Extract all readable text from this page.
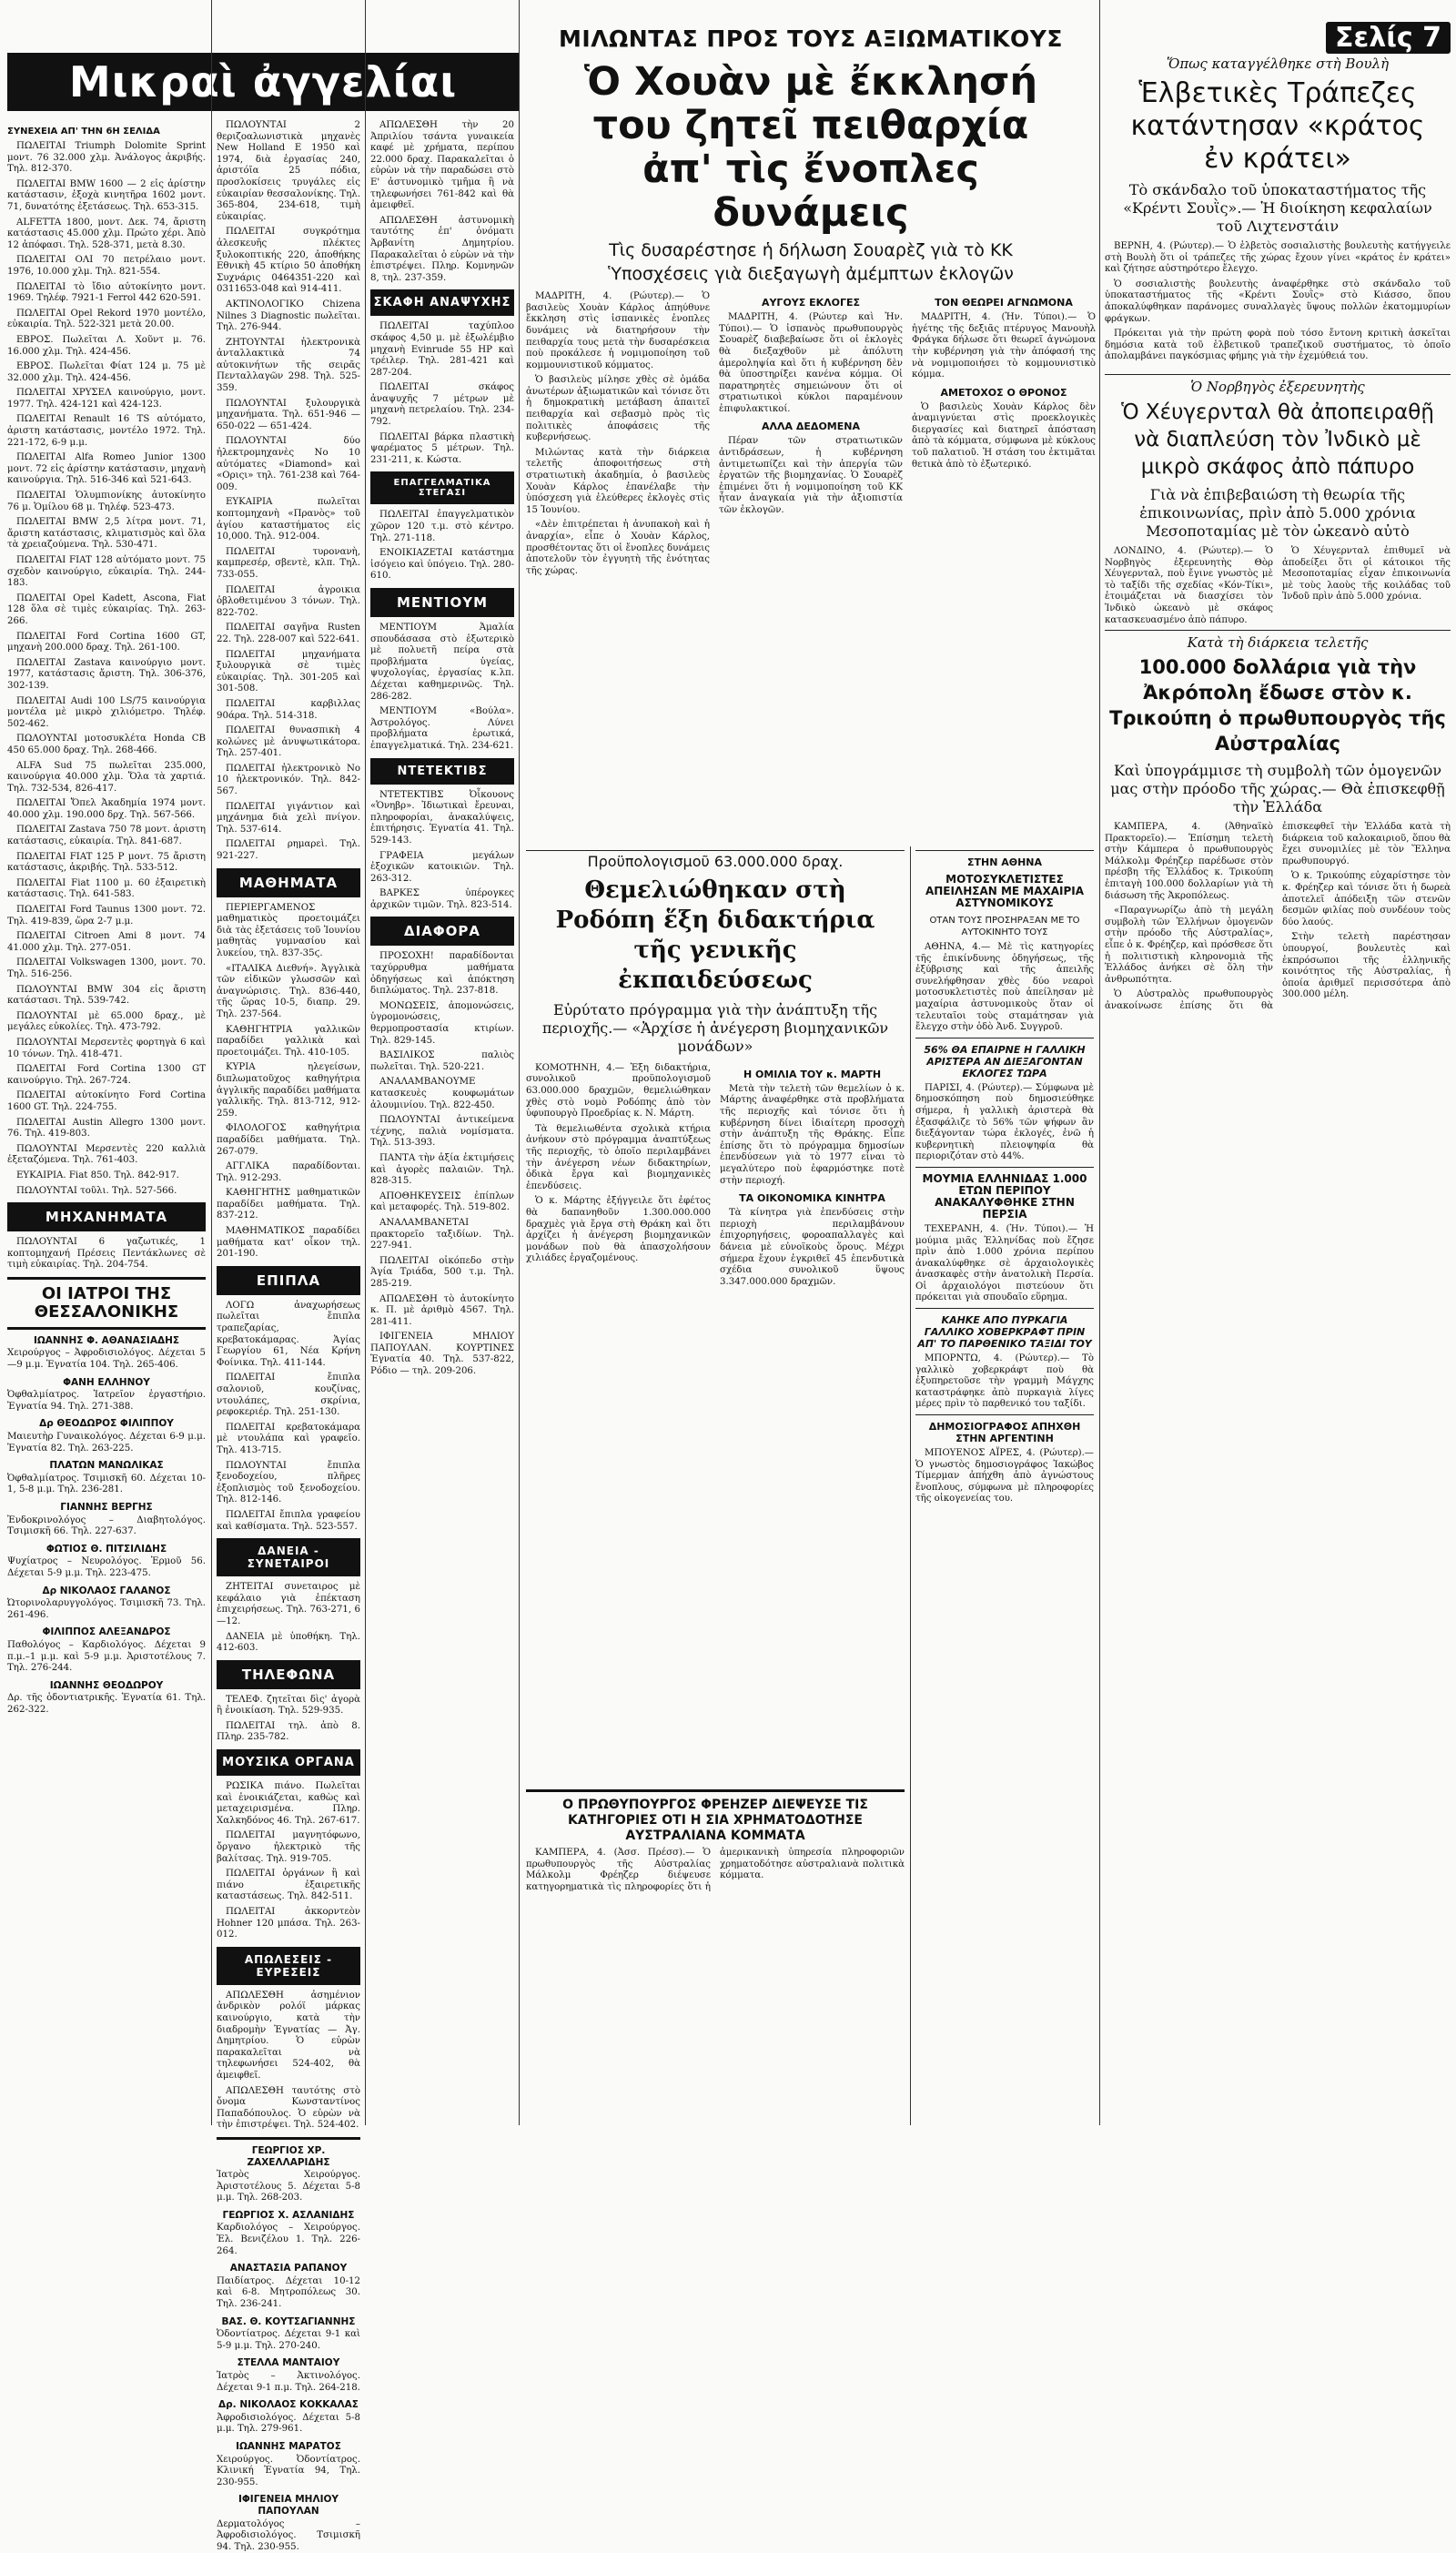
Μικραὶ ἀγγελίαι
ΣΥΝΕΧΕΙΑ ΑΠ' ΤΗΝ 6Η ΣΕΛΙΔΑ

ΠΩΛΕΙΤΑΙ Triumph Dolomite Sprint μοντ. 76 32.000 χλμ. Ἀνάλογος ἀκριβής. Τηλ. 812-370.

ΠΩΛΕΙΤΑΙ BMW 1600 — 2 εἰς ἀρίστην κατάστασιν, ἐξοχὰ κινητῆρα 1602 μοντ. 71, δυνατότης ἐξετάσεως. Τηλ. 653-315.

ALFETTA 1800, μοντ. Δεκ. 74, ἄριστη κατάστασις 45.000 χλμ. Πρώτο χέρι. Ἀπὸ 12 ἀπόφασι. Τηλ. 528-371, μετὰ 8.30.

ΠΩΛΕΙΤΑΙ ΟΛΙ 70 πετρέλαιο μοντ. 1976, 10.000 χλμ. Τηλ. 821-554.

ΠΩΛΕΙΤΑΙ τὸ ἴδιο αὐτοκίνητο μοντ. 1969. Τηλέφ. 7921-1 Ferrol 442 620-591.

ΠΩΛΕΙΤΑΙ Opel Rekord 1970 μοντέλο, εὐκαιρία. Τηλ. 522-321 μετὰ 20.00.

ΕΒΡΟΣ. Πωλεῖται Λ. Χοῦντ μ. 76. 16.000 χλμ. Τηλ. 424-456.

ΕΒΡΟΣ. Πωλεῖται Φίατ 124 μ. 75 μὲ 32.000 χλμ. Τηλ. 424-456.

ΠΩΛΕΙΤΑΙ ΧΡΥΣΕΛ καινούργιο, μοντ. 1977. Τηλ. 424-121 καὶ 424-123.

ΠΩΛΕΙΤΑΙ Renault 16 TS αὐτόματο, ἀριστη κατάστασις, μοντέλο 1972. Τηλ. 221-172, 6-9 μ.μ.

ΠΩΛΕΙΤΑΙ Alfa Romeo Junior 1300 μοντ. 72 εἰς ἀρίστην κατάστασιν, μηχανὴ καινούργια. Τηλ. 516-346 καὶ 521-643.

ΠΩΛΕΙΤΑΙ Ὁλυμπιονίκης ἀυτοκίνητο 76 μ. Ὁμίλου 68 μ. Τηλέφ. 523-473.

ΠΩΛΕΙΤΑΙ BMW 2,5 λίτρα μοντ. 71, ἄριστη κατάστασις, κλιματισμὸς καὶ ὅλα τὰ χρειαζούμενα. Τηλ. 530-471.

ΠΩΛΕΙΤΑΙ FIAT 128 αὐτόματο μοντ. 75 σχεδὸν καινούργιο, εὐκαιρία. Τηλ. 244-183.

ΠΩΛΕΙΤΑΙ Opel Kadett, Ascona, Fiat 128 ὅλα σὲ τιμὲς εὐκαιρίας. Τηλ. 263-266.

ΠΩΛΕΙΤΑΙ Ford Cortina 1600 GT, μηχανὴ 200.000 δραχ. Τηλ. 261-100.

ΠΩΛΕΙΤΑΙ Zastava καινούργιο μοντ. 1977, κατάστασις ἄριστη. Τηλ. 306-376, 302-139.

ΠΩΛΕΙΤΑΙ Audi 100 LS/75 καινούργια μοντέλα μὲ μικρὸ χιλιόμετρο. Τηλέφ. 502-462.

ΠΩΛΟΥΝΤΑΙ μοτοσυκλέτα Honda CB 450 65.000 δραχ. Τηλ. 268-466.

ALFA Sud 75 πωλεῖται 235.000, καινούργια 40.000 χλμ. Ὅλα τὰ χαρτιά. Τηλ. 732-534, 826-417.

ΠΩΛΕΙΤΑΙ Ὄπελ Ἀκαδημία 1974 μοντ. 40.000 χλμ. 190.000 δρχ. Τηλ. 567-566.

ΠΩΛΕΙΤΑΙ Zastava 750 78 μοντ. ἀριστη κατάστασις, εὐκαιρία. Τηλ. 841-687.

ΠΩΛΕΙΤΑΙ FIAT 125 P μοντ. 75 ἄριστη κατάστασις, ἀκριβής. Τηλ. 533-512.

ΠΩΛΕΙΤΑΙ Fiat 1100 μ. 60 ἐξαιρετικὴ κατάστασις. Τηλ. 641-583.

ΠΩΛΕΙΤΑΙ Ford Taunus 1300 μοντ. 72. Τηλ. 419-839, ὥρα 2-7 μ.μ.

ΠΩΛΕΙΤΑΙ Citroen Ami 8 μοντ. 74 41.000 χλμ. Τηλ. 277-051.

ΠΩΛΕΙΤΑΙ Volkswagen 1300, μοντ. 70. Τηλ. 516-256.

ΠΩΛΟΥΝΤΑΙ ΒΜW 304 εἰς ἄριστη κατάστασι. Τηλ. 539-742.

ΠΩΛΟΥΝΤΑΙ μὲ 65.000 δραχ., μὲ μεγάλες εὐκολίες. Τηλ. 473-792.

ΠΩΛΟΥΝΤΑΙ Μερσεντὲς φορτηγὰ 6 καὶ 10 τόνων. Τηλ. 418-471.

ΠΩΛΕΙΤΑΙ Ford Cortina 1300 GT καινούργιο. Τηλ. 267-724.

ΠΩΛΕΙΤΑΙ αὐτοκίνητο Ford Cortina 1600 GT. Τηλ. 224-755.

ΠΩΛΕΙΤΑΙ Austin Allegro 1300 μοντ. 76. Τηλ. 419-803.

ΠΩΛΟΥΝΤΑΙ Μερσεντὲς 220 καλλιὰ ἐξεταζόμενα. Τηλ. 761-403.

ΕΥΚΑΙΡΙΑ. Fiat 850. Τηλ. 842-917.

ΠΩΛΟΥΝΤΑΙ τοῦλι. Τηλ. 527-566.

ΜΗΧΑΝΗΜΑΤΑ

ΠΩΛΟΥΝΤΑΙ 6 γαζωτικές, 1 κοπτομηχανή Πρέσεις Πεντάκλωνες σὲ τιμὴ εὐκαιρίας. Τηλ. 204-754.

ΟΙ ΙΑΤΡΟΙ ΤΗΣ ΘΕΣΣΑΛΟΝΙΚΗΣ

ΙΩΑΝΝΗΣ Φ. ΑΘΑΝΑΣΙΑΔΗΣ

Χειρούργος – Ἀφροδισιολόγος. Δέχεται 5—9 μ.μ. Ἐγνατία 104. Τηλ. 265-406.

ΦΑΝΗ ΕΛΛΗΝΟΥ

Ὀφθαλμίατρος. Ἰατρεῖον ἐργαστήριο. Ἐγνατία 94. Τηλ. 271-388.

Δρ ΘΕΟΔΩΡΟΣ ΦΙΛΙΠΠΟΥ

Μαιευτὴρ Γυναικολόγος. Δέχεται 6-9 μ.μ. Ἐγνατία 82. Τηλ. 263-225.

ΠΛΑΤΩΝ ΜΑΝΩΛΙΚΑΣ

Ὀφθαλμίατρος. Τσιμισκῆ 60. Δέχεται 10-1, 5-8 μ.μ. Τηλ. 236-281.

ΓΙΑΝΝΗΣ ΒΕΡΓΗΣ

Ἐνδοκρινολόγος – Διαβητολόγος. Τσιμισκῆ 66. Τηλ. 227-637.

ΦΩΤΙΟΣ Θ. ΠΙΤΣΙΛΙΔΗΣ

Ψυχίατρος – Νευρολόγος. Ἐρμοῦ 56. Δέχεται 5-9 μ.μ. Τηλ. 223-475.

Δρ ΝΙΚΟΛΑΟΣ ΓΑΛΑΝΟΣ

Ὠτορινολαρυγγολόγος. Τσιμισκῆ 73. Τηλ. 261-496.

ΦΙΛΙΠΠΟΣ ΑΛΕΞΑΝΔΡΟΣ

Παθολόγος – Καρδιολόγος. Δέχεται 9 π.μ.–1 μ.μ. καὶ 5-9 μ.μ. Ἀριστοτέλους 7. Τηλ. 276-244.

ΙΩΑΝΝΗΣ ΘΕΟΔΩΡΟΥ

Δρ. τῆς ὁδοντιατρικῆς. Ἐγνατία 61. Τηλ. 262-322.

ΠΩΛΟΥΝΤΑΙ 2 θεριζοαλωνιστικὰ μηχανὲς New Holland Ε 1950 καὶ 1974, διὰ ἐργασίας 240, ἀριστόῖα 25 πόδια, προσλοκίσεις τρυγάλες εἰς εὐκαιρίαν θεσσαλονίκης. Τηλ. 365-804, 234-618, τιμὴ εὐκαιρίας.

ΠΩΛΕΙΤΑΙ συγκρότημα ἀλεσκευῆς πλέκτες ξυλοκοπτικής 220, ἀποθήκης Εθνικὴ 45 κτίριο 50 ἀποθήκη Συχνάρις 0464351-220 καὶ 0311653-048 καὶ 914-411.

ΑΚΤΙΝΟΛΟΓΙΚΟ Chizena Nilnes 3 Diagnostic πωλεῖται. Τηλ. 276-944.

ΖΗΤΟΥΝΤΑΙ ἠλεκτρονικὰ ἀνταλλακτικὰ 74 αὐτοκινήτων τῆς σειρᾶς Πενταλλαγῶν 298. Τηλ. 525-359.

ΠΩΛΟΥΝΤΑΙ ξυλουργικὰ μηχανήματα. Τηλ. 651-946 — 650-022 — 651-424.

ΠΩΛΟΥΝΤΑΙ δύο ἠλεκτρομηχανὲς Νο 10 αὐτόματες «Diamond» καὶ «Οριςι» τηλ. 761-238 καὶ 764-009.

ΕΥΚΑΙΡΙΑ πωλεῖται κοπτομηχανὴ «Πρανὸς» τοῦ ἀγίου καταστήματος εἰς 10,000. Τηλ. 912-004.

ΠΩΛΕΙΤΑΙ τυρονανὴ, καμπρεσέρ, σβεντὲ, κλπ. Τηλ. 733-055.

ΠΩΛΕΙΤΑΙ ἀγροικια ὀβλοθετιμένου 3 τόνων. Τηλ. 822-702.

ΠΩΛΕΙΤΑΙ σαγῆνα Rusten 22. Τηλ. 228-007 καὶ 522-641.

ΠΩΛΕΙΤΑΙ μηχανήματα ξυλουργικὰ σὲ τιμὲς εὐκαιρίας. Τηλ. 301-205 καὶ 301-508.

ΠΩΛΕΙΤΑΙ καρβιλλας 90άρα. Τηλ. 514-318.

ΠΩΛΕΙΤΑΙ θυνασπικὴ 4 κολώνες μὲ ἀνυψωτικάτορα. Τηλ. 257-401.

ΠΩΛΕΙΤΑΙ ἠλεκτρονικὸ Νο 10 ἠλεκτρονικόν. Τηλ. 842-567.

ΠΩΛΕΙΤΑΙ γιγάντιον καὶ μηχάνημα διὰ χελὶ πνίγον. Τηλ. 537-614.

ΠΩΛΕΙΤΑΙ ρημαρεὶ. Τηλ. 921-227.

ΜΑΘΗΜΑΤΑ

ΠΕΡΙΕΡΓΑΜΕΝΟΣ μαθηματικὸς προετοιμάζει διὰ τὰς ἐξετάσεις τοῦ Ἰουνίου μαθητὰς γυμνασίου καὶ λυκείου, τηλ. 837-35ϛ.

«ΙΤΑΛΙΚΑ Διεθνή». Ἀγγλικὰ τῶν εἰδικῶν γλωσσῶν καὶ ἀναγνώρισις. Τηλ. 836-440, τῆς ὥρας 10-5, διαπρ. 29. Τηλ. 237-564.

ΚΑΘΗΓΗΤΡΙΑ γαλλικῶν παραδίδει γαλλικὰ καὶ προετοιμάζει. Τηλ. 410-105.

ΚΥΡΙΑ ηλεγείσων, διπλωματοῦχος καθηγήτρια ἀγγλικῆς παραδίδει μαθήματα γαλλικῆς. Τηλ. 813-712, 912-259.

ΦΙΛΟΛΟΓΟΣ καθηγήτρια παραδίδει μαθήματα. Τηλ. 267-079.

ΑΓΓΛΙΚΑ παραδίδονται. Τηλ. 912-293.

ΚΑΘΗΓΗΤΗΣ μαθηματικῶν παραδίδει μαθήματα. Τηλ. 837-212.

ΜΑΘΗΜΑΤΙΚΟΣ παραδίδει μαθήματα κατ' οἶκον τηλ. 201-190.

ΕΠΙΠΛΑ

ΛΟΓΩ ἀναχωρήσεως πωλεῖται ἔπιπλα τραπεζαρίας, κρεβατοκάμαρας. Ἁγίας Γεωργίου 61, Νέα Κρήνη Φοίνικα. Τηλ. 411-144.

ΠΩΛΕΙΤΑΙ ἔπιπλα σαλονιοῦ, κουζίνας, ντουλάπες, σκρίνια, ρεφοκεριέρ. Τηλ. 251-130.

ΠΩΛΕΙΤΑΙ κρεβατοκάμαρα μὲ ντουλάπα καὶ γραφεῖο. Τηλ. 413-715.

ΠΩΛΟΥΝΤΑΙ ἔπιπλα ξενοδοχείου, πλῆρες ἐξοπλισμὸς τοῦ ξενοδοχείου. Τηλ. 812-146.

ΠΩΛΕΙΤΑΙ ἔπιπλα γραφείου καὶ καθίσματα. Τηλ. 523-557.

ΔΑΝΕΙΑ - ΣΥΝΕΤΑΙΡΟΙ

ΖΗΤΕΙΤΑΙ συνεταιρος μὲ κεφάλαιο γιὰ ἐπέκταση ἐπιχειρήσεως. Τηλ. 763-271, 6—12.

ΔΑΝΕΙΑ μὲ ὑποθήκη. Τηλ. 412-603.

ΤΗΛΕΦΩΝΑ

ΤΕΛΕΦ. ζητεῖται δὶς' ἀγορὰ ἢ ἐνοικίαση. Τηλ. 529-935.

ΠΩΛΕΙΤΑΙ τηλ. ἀπὸ 8. Πληρ. 235-782.

ΜΟΥΣΙΚΑ ΟΡΓΑΝΑ

ΡΩΣΙΚΑ πιάνο. Πωλεῖται καὶ ἐνοικιάζεται, καθὼς καὶ μεταχειρισμένα. Πληρ. Χαλκηδόνος 46. Τηλ. 267-617.

ΠΩΛΕΙΤΑΙ μαγνητόφωνο, ὄργανο ἠλεκτρικὸ τῆς βαλίτσας. Τηλ. 919-705.

ΠΩΛΕΙΤΑΙ ὀργάνων ἢ καὶ πιάνο ἐξαιρετικῆς καταστάσεως. Τηλ. 842-511.

ΠΩΛΕΙΤΑΙ ἀκκορντεὸν Hohner 120 μπάσα. Τηλ. 263-012.

ΑΠΩΛΕΣΕΙΣ - ΕΥΡΕΣΕΙΣ

ΑΠΩΛΕΣΘΗ ἀσημένιον ἀνδρικὸν ρολόϊ μάρκας καινούργιο, κατὰ τὴν διαδρομὴν Ἐγνατίας — Ἀγ. Δημητρίου. Ὁ εὑρὼν παρακαλεῖται νὰ τηλεφωνήσει 524-402, θὰ ἀμειφθεῖ.

ΑΠΩΛΕΣΘΗ ταυτότης στὸ ὄνομα Κωνσταντίνος Παπαδόπουλος. Ὁ εὑρὼν νὰ τὴν ἐπιστρέψει. Τηλ. 524-402.

ΓΕΩΡΓΙΟΣ ΧΡ. ΖΑΧΕΛΛΑΡΙΔΗΣ

Ἰατρὸς Χειρούργος. Ἀριστοτέλους 5. Δέχεται 5-8 μ.μ. Τηλ. 268-203.

ΓΕΩΡΓΙΟΣ Χ. ΑΣΛΑΝΙΔΗΣ

Καρδιολόγος – Χειρούργος. Ἐλ. Βενιζέλου 1. Τηλ. 226-264.

ΑΝΑΣΤΑΣΙΑ ΡΑΠΑΝΟΥ

Παιδίατρος. Δέχεται 10-12 καὶ 6-8. Μητροπόλεως 30. Τηλ. 236-241.

ΒΑΣ. Θ. ΚΟΥΤΣΑΓΙΑΝΝΗΣ

Ὀδοντίατρος. Δέχεται 9-1 καὶ 5-9 μ.μ. Τηλ. 270-240.

ΣΤΕΛΛΑ ΜΑΝΤΑΙΟΥ

Ἰατρὸς – Ἀκτινολόγος. Δέχεται 9-1 π.μ. Τηλ. 264-218.

Δρ. ΝΙΚΟΛΑΟΣ ΚΟΚΚΑΛΑΣ

Ἀφροδισιολόγος. Δέχεται 5-8 μ.μ. Τηλ. 279-961.

ΙΩΑΝΝΗΣ ΜΑΡΑΤΟΣ

Χειρούργος. Ὀδοντίατρος. Κλινική Ἐγνατία 94, Τηλ. 230-955.

ΙΦΙΓΕΝΕΙΑ ΜΗΛΙΟΥ ΠΑΠΟΥΛΑΝ

Δερματολόγος – Ἀφροδισιολόγος. Τσιμισκῆ 94. Τηλ. 230-955.

ΑΠΩΛΕΣΘΗ τὴν 20 Ἀπριλίου τσάντα γυναικεία καφέ μὲ χρήματα, περίπου 22.000 δραχ. Παρακαλεῖται ὁ εὑρὼν νὰ τὴν παραδώσει στὸ Ε' ἀστυνομικὸ τμῆμα ἢ νὰ τηλεφωνήσει 761-842 καὶ θὰ ἀμειφθεῖ.

ΑΠΩΛΕΣΘΗ ἀστυνομικὴ ταυτότης ἐπ' ὀνόματι Ἀρβανίτη Δημητρίου. Παρακαλεῖται ὁ εὑρὼν νὰ τὴν ἐπιστρέψει. Πληρ. Κομνηνῶν 8, τηλ. 237-359.

ΣΚΑΦΗ ΑΝΑΨΥΧΗΣ

ΠΩΛΕΙΤΑΙ ταχύπλοο σκάφος 4,50 μ. μὲ ἐξωλέμβιο μηχανὴ Evinrude 55 HP καὶ τρέιλερ. Τηλ. 281-421 καὶ 287-204.

ΠΩΛΕΙΤΑΙ σκάφος ἀναψυχῆς 7 μέτρων μὲ μηχανὴ πετρελαίου. Τηλ. 234-792.

ΠΩΛΕΙΤΑΙ βάρκα πλαστικὴ ψαρέματος 5 μέτρων. Τηλ. 231-211, κ. Κώστα.

ΕΠΑΓΓΕΛΜΑΤΙΚΑ ΣΤΕΓΑΣΙ

ΠΩΛΕΙΤΑΙ ἐπαγγελματικὸν χῶρον 120 τ.μ. στὸ κέντρο. Τηλ. 271-118.

ΕΝΟΙΚΙΑΖΕΤΑΙ κατάστημα ἰσόγειο καὶ ὑπόγειο. Τηλ. 280-610.

ΜΕΝΤΙΟΥΜ

ΜΕΝΤΙΟΥΜ Ἀμαλία σπουδάσασα στὸ ἐξωτερικὸ μὲ πολυετῆ πείρα στὰ προβλήματα ὑγείας, ψυχολογίας, ἐργασίας κ.λπ. Δέχεται καθημερινῶς. Τηλ. 286-282.

ΜΕΝΤΙΟΥΜ «Βούλα». Ἀστρολόγος. Λύνει προβλήματα ἐρωτικά, ἐπαγγελματικά. Τηλ. 234-621.

ΝΤΕΤΕΚΤΙΒΣ

ΝΤΕΤΕΚΤΙΒΣ Ὀἶκουονς «Ὁνηβρ». Ἰδιωτικαὶ ἔρευναι, πληροφορίαι, ἀνακαλύψεις, ἐπιτήρησις. Ἐγνατία 41. Τηλ. 529-143.

ΓΡΑΦΕΙΑ μεγάλων ἐξοχικῶν κατοικιῶν. Τηλ. 263-312.

ΒΑΡΚΕΣ ὑπέρογκες ἀρχικῶν τιμῶν. Τηλ. 823-514.

ΔΙΑΦΟΡΑ

ΠΡΟΣΟΧΗ! παραδίδονται ταχύρρυθμα μαθήματα ὁδηγήσεως καὶ ἀπόκτηση διπλώματος. Τηλ. 237-818.

ΜΟΝΩΣΕΙΣ, ἀπομονώσεις, ὑγρομονώσεις, θερμοπροστασία κτιρίων. Τηλ. 829-145.

ΒΑΣΙΛΙΚΟΣ παλιὸς πωλεῖται. Τηλ. 520-221.

ΑΝΑΛΑΜΒΑΝΟΥΜΕ κατασκευὲς κουφωμάτων ἀλουμινίου. Τηλ. 822-450.

ΠΩΛΟΥΝΤΑΙ ἀντικείμενα τέχνης, παλιὰ νομίσματα. Τηλ. 513-393.

ΠΑΝΤΑ τὴν ἀξία ἐκτιμήσεις καὶ ἀγορὲς παλαιῶν. Τηλ. 828-315.

ΑΠΟΘΗΚΕΥΣΕΙΣ ἐπίπλων καὶ μεταφορές. Τηλ. 519-802.

ΑΝΑΛΑΜΒΑΝΕΤΑΙ πρακτορεῖο ταξιδίων. Τηλ. 227-941.

ΠΩΛΕΙΤΑΙ οἰκόπεδο στὴν Ἀγία Τριάδα, 500 τ.μ. Τηλ. 285-219.

ΑΠΩΛΕΣΘΗ τὸ ἀυτοκίνητο κ. Π. μὲ ἀριθμὸ 4567. Τηλ. 281-411.

ΙΦΙΓΕΝΕΙΑ ΜΗΛΙΟΥ ΠΑΠΟΥΛΑΝ. ΚΟΥΡΤΙΝΕΣ Ἐγνατία 40. Τηλ. 537-822, Ρόδιο — τηλ. 209-206.

ΜΙΛΩΝΤΑΣ ΠΡΟΣ ΤΟΥΣ ΑΞΙΩΜΑΤΙΚΟΥΣ
Ὁ Χουὰν μὲ ἔκκλησή του ζητεῖ πειθαρχία ἀπ' τὶς ἔνοπλες δυνάμεις
Τὶς δυσαρέστησε ἡ δήλωση Σουαρὲζ γιὰ τὸ ΚΚ
Ὑποσχέσεις γιὰ διεξαγωγὴ ἀμέμπτων ἐκλογῶν

ΜΑΔΡΙΤΗ, 4. (Ρώυτερ).— Ὁ βασιλεὺς Χουὰν Κάρλος ἀπηύθυνε ἔκκληση στὶς ἰσπανικὲς ἐνοπλες δυνάμεις νὰ διατηρήσουν τὴν πειθαρχία τους μετὰ τὴν δυσαρέσκεια ποὺ προκάλεσε ἡ νομιμοποίηση τοῦ κομμουνιστικοῦ κόμματος.

Ὁ βασιλεὺς μίλησε χθὲς σὲ ὁμάδα ἀνωτέρων ἀξιωματικῶν καὶ τόνισε ὅτι ἡ δημοκρατικὴ μετάβαση ἀπαιτεῖ πειθαρχία καὶ σεβασμὸ πρὸς τὶς πολιτικὲς ἀποφάσεις τῆς κυβερνήσεως.

Μιλώντας κατὰ τὴν διάρκεια τελετῆς ἀποφοιτήσεως στὴ στρατιωτικὴ ἀκαδημία, ὁ βασιλεὺς Χουὰν Κάρλος ἐπανέλαβε τὴν ὑπόσχεση γιὰ ἐλεύθερες ἐκλογὲς στὶς 15 Ἰουνίου.

«Δὲν ἐπιτρέπεται ἡ ἀνυπακοὴ καὶ ἡ ἀναρχία», εἶπε ὁ Χουὰν Κάρλος, προσθέτοντας ὅτι οἱ ἔνοπλες δυνάμεις ἀποτελοῦν τὸν ἐγγυητὴ τῆς ἑνότητας τῆς χώρας.

ΑΥΓΟΥΣ ΕΚΛΟΓΕΣ

ΜΑΔΡΙΤΗ, 4. (Ρώυτερ καὶ Ἠν. Τύποι).— Ὁ ἰσπανὸς πρωθυπουργὸς Σουαρὲζ διαβεβαίωσε ὅτι οἱ ἐκλογὲς θὰ διεξαχθοῦν μὲ ἀπόλυτη ἀμεροληψία καὶ ὅτι ἡ κυβέρνηση δὲν θὰ ὑποστηρίξει κανένα κόμμα. Οἱ παρατηρητὲς σημειώνουν ὅτι οἱ στρατιωτικοὶ κύκλοι παραμένουν ἐπιφυλακτικοί.

ΑΛΛΑ ΔΕΔΟΜΕΝΑ

Πέραν τῶν στρατιωτικῶν ἀντιδράσεων, ἡ κυβέρνηση ἀντιμετωπίζει καὶ τὴν ἀπεργία τῶν ἐργατῶν τῆς βιομηχανίας. Ὁ Σουαρὲζ ἐπιμένει ὅτι ἡ νομιμοποίηση τοῦ ΚΚ ἦταν ἀναγκαία γιὰ τὴν ἀξιοπιστία τῶν ἐκλογῶν.

ΤΟΝ ΘΕΩΡΕΙ ΑΓΝΩΜΟΝΑ

ΜΑΔΡΙΤΗ, 4. (Ἠν. Τύποι).— Ὁ ἡγέτης τῆς δεξιᾶς πτέρυγος Μανουὴλ Φράγκα δήλωσε ὅτι θεωρεῖ ἀγνώμονα τὴν κυβέρνηση γιὰ τὴν ἀπόφασή της νὰ νομιμοποιήσει τὸ κομμουνιστικὸ κόμμα.

ΑΜΕΤΟΧΟΣ Ο ΘΡΟΝΟΣ

Ὁ βασιλεὺς Χουὰν Κάρλος δὲν ἀναμιγνύεται στὶς προεκλογικὲς διεργασίες καὶ διατηρεῖ ἀπόσταση ἀπὸ τὰ κόμματα, σύμφωνα μὲ κύκλους τοῦ παλατιοῦ. Ἡ στάση του ἐκτιμᾶται θετικὰ ἀπὸ τὸ ἐξωτερικό.

Προϋπολογισμοῦ 63.000.000 δραχ.
Θεμελιώθηκαν στὴ Ροδόπη ἕξη διδακτήρια τῆς γενικῆς ἐκπαιδεύσεως
Εὐρύτατο πρόγραμμα γιὰ τὴν ἀνάπτυξη τῆς περιοχῆς.— «Ἀρχίσε ἡ ἀνέγερση βιομηχανικῶν μονάδων»

ΚΟΜΟΤΗΝΗ, 4.— Ἐξη διδακτήρια, συνολικοῦ προϋπολογισμοῦ 63.000.000 δραχμῶν, θεμελιώθηκαν χθὲς στὸ νομὸ Ροδόπης ἀπὸ τὸν ὑφυπουργὸ Προεδρίας κ. Ν. Μάρτη.

Τὰ θεμελιωθέντα σχολικὰ κτήρια ἀνήκουν στὸ πρόγραμμα ἀναπτύξεως τῆς περιοχῆς, τὸ ὁποῖο περιλαμβάνει τὴν ἀνέγερση νέων διδακτηρίων, ὁδικὰ ἔργα καὶ βιομηχανικὲς ἐπενδύσεις.

Ὁ κ. Μάρτης ἐξήγγειλε ὅτι ἐφέτος θὰ δαπανηθοῦν 1.300.000.000 δραχμὲς γιὰ ἔργα στὴ Θράκη καὶ ὅτι ἀρχίζει ἡ ἀνέγερση βιομηχανικῶν μονάδων ποὺ θὰ ἀπασχολήσουν χιλιάδες ἐργαζομένους.

Η ΟΜΙΛΙΑ ΤΟΥ κ. ΜΑΡΤΗ

Μετὰ τὴν τελετὴ τῶν θεμελίων ὁ κ. Μάρτης ἀναφέρθηκε στὰ προβλήματα τῆς περιοχῆς καὶ τόνισε ὅτι ἡ κυβέρνηση δίνει ἰδιαίτερη προσοχὴ στὴν ἀνάπτυξη τῆς Θράκης. Εἶπε ἐπίσης ὅτι τὸ πρόγραμμα δημοσίων ἐπενδύσεων γιὰ τὸ 1977 εἶναι τὸ μεγαλύτερο ποὺ ἐφαρμόστηκε ποτὲ στὴν περιοχή.

ΤΑ ΟΙΚΟΝΟΜΙΚΑ ΚΙΝΗΤΡΑ

Τὰ κίνητρα γιὰ ἐπενδύσεις στὴν περιοχὴ περιλαμβάνουν ἐπιχορηγήσεις, φοροαπαλλαγὲς καὶ δάνεια μὲ εὐνοϊκοὺς ὅρους. Μέχρι σήμερα ἔχουν ἐγκριθεῖ 45 ἐπενδυτικὰ σχέδια συνολικοῦ ὕψους 3.347.000.000 δραχμῶν.

ΣΤΗΝ ΑΘΗΝΑ
ΜΟΤΟΣΥΚΛΕΤΙΣΤΕΣ ΑΠΕΙΛΗΣΑΝ ΜΕ ΜΑΧΑΙΡΙΑ ΑΣΤΥΝΟΜΙΚΟΥΣ
ΟΤΑΝ ΤΟΥΣ ΠΡΟΣΗΡΑΞΑΝ ΜΕ ΤΟ ΑΥΤΟΚΙΝΗΤΟ ΤΟΥΣ

ΑΘΗΝΑ, 4.— Μὲ τὶς κατηγορίες τῆς ἐπικίνδυνης ὁδηγήσεως, τῆς ἐξύβρισης καὶ τῆς ἀπειλῆς συνελήφθησαν χθὲς δύο νεαροὶ μοτοσυκλετιστὲς ποὺ ἀπείλησαν μὲ μαχαίρια ἀστυνομικοὺς ὅταν οἱ τελευταῖοι τοὺς σταμάτησαν γιὰ ἔλεγχο στὴν ὁδὸ Ἀνδ. Συγγροῦ.

56% ΘΑ ΕΠΑΙΡΝΕ Η ΓΑΛΛΙΚΗ ΑΡΙΣΤΕΡΑ ΑΝ ΔΙΕΞΑΓΟΝΤΑΝ ΕΚΛΟΓΕΣ ΤΩΡΑ

ΠΑΡΙΣΙ, 4. (Ρώυτερ).— Σύμφωνα μὲ δημοσκόπηση ποὺ δημοσιεύθηκε σήμερα, ἡ γαλλικὴ ἀριστερὰ θὰ ἐξασφάλιζε τὸ 56% τῶν ψήφων ἂν διεξάγονταν τώρα ἐκλογές, ἐνῶ ἡ κυβερνητικὴ πλειοψηφία θὰ περιοριζόταν στὸ 44%.

ΜΟΥΜΙΑ ΕΛΛΗΝΙΔΑΣ 1.000 ΕΤΩΝ ΠΕΡΙΠΟΥ ΑΝΑΚΑΛΥΦΘΗΚΕ ΣΤΗΝ ΠΕΡΣΙΑ

ΤΕΧΕΡΑΝΗ, 4. (Ἠν. Τύποι).— Ἡ μούμια μιᾶς Ἑλληνίδας ποὺ ἔζησε πρὶν ἀπὸ 1.000 χρόνια περίπου ἀνακαλύφθηκε σὲ ἀρχαιολογικὲς ἀνασκαφὲς στὴν ἀνατολικὴ Περσία. Οἱ ἀρχαιολόγοι πιστεύουν ὅτι πρόκειται γιὰ σπουδαῖο εὕρημα.

ΚΑΗΚΕ ΑΠΟ ΠΥΡΚΑΓΙΑ ΓΑΛΛΙΚΟ ΧΟΒΕΡΚΡΑΦΤ ΠΡΙΝ ΑΠ' ΤΟ ΠΑΡΘΕΝΙΚΟ ΤΑΞΙΔΙ ΤΟΥ

ΜΠΟΡΝΤΩ, 4. (Ρώυτερ).— Τὸ γαλλικὸ χοβερκράφτ ποὺ θὰ ἐξυπηρετοῦσε τὴν γραμμὴ Μάγχης καταστράφηκε ἀπὸ πυρκαγιὰ λίγες μέρες πρὶν τὸ παρθενικό του ταξίδι.

ΔΗΜΟΣΙΟΓΡΑΦΟΣ ΑΠΗΧΘΗ ΣΤΗΝ ΑΡΓΕΝΤΙΝΗ

ΜΠΟΥΕΝΟΣ ΑΪΡΕΣ, 4. (Ρώυτερ).— Ὁ γνωστὸς δημοσιογράφος Ἰακώβος Τίμερμαν ἀπήχθη ἀπὸ ἀγνώστους ἔνοπλους, σύμφωνα μὲ πληροφορίες τῆς οἰκογενείας του.

Ο ΠΡΩΘΥΠΟΥΡΓΟΣ ΦΡΕΗΖΕΡ ΔΙΕΨΕΥΣΕ ΤΙΣ ΚΑΤΗΓΟΡΙΕΣ ΟΤΙ Η ΣΙΑ ΧΡΗΜΑΤΟΔΟΤΗΣΕ ΑΥΣΤΡΑΛΙΑΝΑ ΚΟΜΜΑΤΑ

ΚΑΜΠΕΡΑ, 4. (Ἀσσ. Πρέσσ).— Ὁ πρωθυπουργὸς τῆς Αὐστραλίας Μάλκολμ Φρέηζερ διέψευσε κατηγορηματικὰ τὶς πληροφορίες ὅτι ἡ ἀμερικανικὴ ὑπηρεσία πληροφοριῶν χρηματοδότησε αὐστραλιανὰ πολιτικὰ κόμματα.

Σελίς 7
Ὅπως καταγγέλθηκε στὴ Βουλὴ
Ἑλβετικὲς Τράπεζες κατάντησαν «κράτος ἐν κράτει»
Τὸ σκάνδαλο τοῦ ὑποκαταστήματος τῆς «Κρέντι Σουῒς».— Ἡ διοίκηση κεφαλαίων τοῦ Λιχτενστάιν

ΒΕΡΝΗ, 4. (Ρώυτερ).— Ὁ ἑλβετὸς σοσιαλιστὴς βουλευτὴς κατήγγειλε στὴ Βουλὴ ὅτι οἱ τράπεζες τῆς χώρας ἔχουν γίνει «κράτος ἐν κράτει» καὶ ζήτησε αὐστηρότερο ἔλεγχο.

Ὁ σοσιαλιστὴς βουλευτὴς ἀναφέρθηκε στὸ σκάνδαλο τοῦ ὑποκαταστήματος τῆς «Κρέντι Σουῒς» στὸ Κιάσσο, ὅπου ἀποκαλύφθηκαν παράνομες συναλλαγὲς ὕψους πολλῶν ἑκατομμυρίων φράγκων.

Πρόκειται γιὰ τὴν πρώτη φορὰ ποὺ τόσο ἔντονη κριτικὴ ἀσκεῖται δημόσια κατὰ τοῦ ἑλβετικοῦ τραπεζικοῦ συστήματος, τὸ ὁποῖο ἀπολαμβάνει παγκόσμιας φήμης γιὰ τὴν ἐχεμύθειά του.

Ὁ Νορβηγὸς ἐξερευνητὴς
Ὁ Χέυγερνταλ θὰ ἀποπειραθῇ νὰ διαπλεύση τὸν Ἰνδικὸ μὲ μικρὸ σκάφος ἀπὸ πάπυρο
Γιὰ νὰ ἐπιβεβαιώση τὴ θεωρία τῆς ἐπικοινωνίας, πρὶν ἀπὸ 5.000 χρόνια Μεσοποταμίας μὲ τὸν ὠκεανὸ αὐτὸ

ΛΟΝΔΙΝΟ, 4. (Ρώυτερ).— Ὁ Νορβηγὸς ἐξερευνητὴς Θὸρ Χέυγερνταλ, ποὺ ἔγινε γνωστὸς μὲ τὸ ταξίδι τῆς σχεδίας «Κόν-Τίκι», ἑτοιμάζεται νὰ διασχίσει τὸν Ἰνδικὸ ὠκεανὸ μὲ σκάφος κατασκευασμένο ἀπὸ πάπυρο.

Ὁ Χέυγερνταλ ἐπιθυμεῖ νὰ ἀποδείξει ὅτι οἱ κάτοικοι τῆς Μεσοποταμίας εἶχαν ἐπικοινωνία μὲ τοὺς λαοὺς τῆς κοιλάδας τοῦ Ἰνδοῦ πρὶν ἀπὸ 5.000 χρόνια.

Κατὰ τὴ διάρκεια τελετῆς
100.000 δολλάρια γιὰ τὴν Ἀκρόπολη ἔδωσε στὸν κ. Τρικούπη ὁ πρωθυπουργὸς τῆς Αὐστραλίας
Καὶ ὑπογράμμισε τὴ συμβολὴ τῶν ὁμογενῶν μας στὴν πρόοδο τῆς χώρας.— Θὰ ἐπισκεφθῇ τὴν Ἑλλάδα

ΚΑΜΠΕΡΑ, 4. (Ἀθηναϊκὸ Πρακτορεῖο).— Ἐπίσημη τελετὴ στὴν Κάμπερα ὁ πρωθυπουργὸς Μάλκολμ Φρέηζερ παρέδωσε στὸν πρέσβη τῆς Ἑλλάδος κ. Τρικούπη ἐπιταγὴ 100.000 δολλαρίων γιὰ τὴ διάσωση τῆς Ἀκροπόλεως.

«Παραγνωρίζω ἀπὸ τὴ μεγάλη συμβολὴ τῶν Ἑλλήνων ὁμογενῶν στὴν πρόοδο τῆς Αὐστραλίας», εἶπε ὁ κ. Φρέηζερ, καὶ πρόσθεσε ὅτι ἡ πολιτιστικὴ κληρονομιὰ τῆς Ἑλλάδος ἀνήκει σὲ ὅλη τὴν ἀνθρωπότητα.

Ὁ Αὐστραλὸς πρωθυπουργὸς ἀνακοίνωσε ἐπίσης ὅτι θὰ ἐπισκεφθεῖ τὴν Ἑλλάδα κατὰ τὴ διάρκεια τοῦ καλοκαιριοῦ, ὅπου θὰ ἔχει συνομιλίες μὲ τὸν Ἕλληνα πρωθυπουργό.

Ὁ κ. Τρικούπης εὐχαρίστησε τὸν κ. Φρέηζερ καὶ τόνισε ὅτι ἡ δωρεὰ ἀποτελεῖ ἀπόδειξη τῶν στενῶν δεσμῶν φιλίας ποὺ συνδέουν τοὺς δύο λαούς.

Στὴν τελετὴ παρέστησαν ὑπουργοί, βουλευτὲς καὶ ἐκπρόσωποι τῆς ἑλληνικῆς κοινότητος τῆς Αὐστραλίας, ἡ ὁποία ἀριθμεῖ περισσότερα ἀπὸ 300.000 μέλη.
